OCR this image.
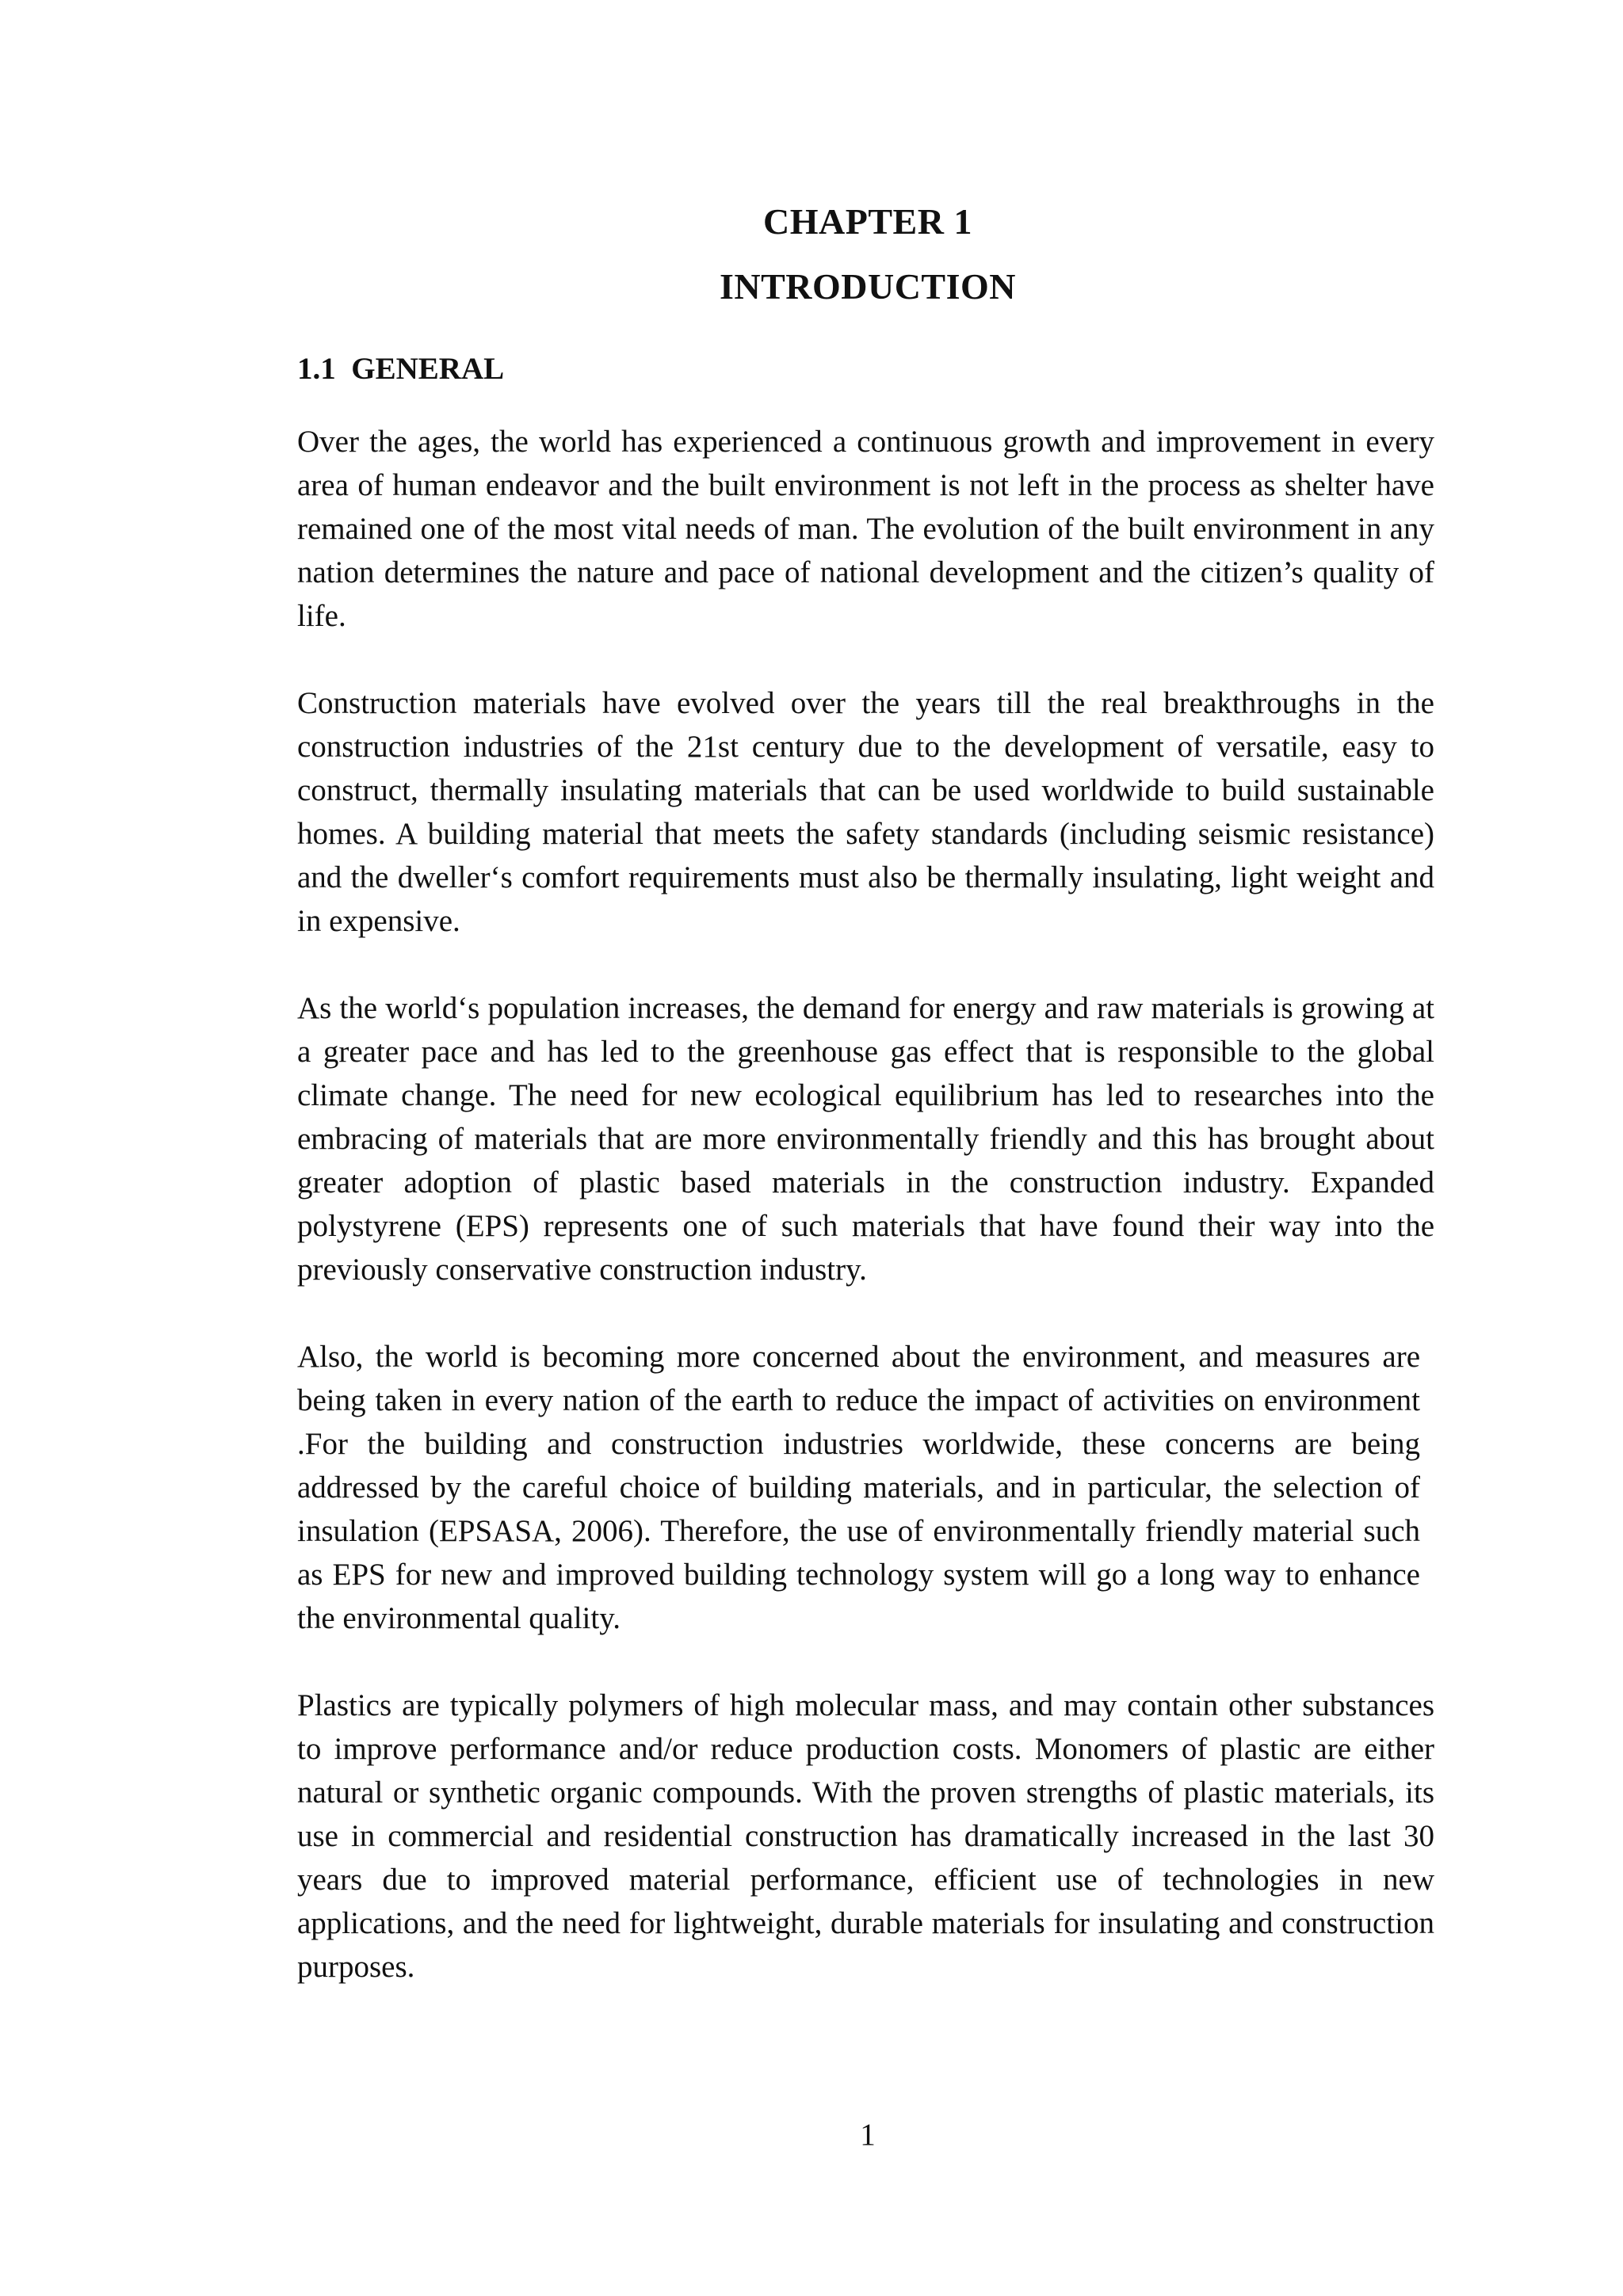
CHAPTER 1
INTRODUCTION
1.1  GENERAL

Over the ages, the world has experienced a continuous growth and improvement in every area of human endeavor and the built environment is not left in the process as shelter have remained one of the most vital needs of man. The evolution of the built environment in any nation determines the nature and pace of national development and the citizen’s quality of life.

Construction materials have evolved over the years till the real breakthroughs in the construction industries of the 21st century due to the development of versatile, easy to construct, thermally insulating materials that can be used worldwide to build sustainable homes. A building material that meets the safety standards (including seismic resistance) and the dweller‘s comfort requirements must also be thermally insulating, light weight and in expensive.

As the world‘s population increases, the demand for energy and raw materials is growing at a greater pace and has led to the greenhouse gas effect that is responsible to the global climate change. The need for new ecological equilibrium has led to researches into the embracing of materials that are more environmentally friendly and this has brought about greater adoption of plastic based materials in the construction industry. Expanded polystyrene (EPS) represents one of such materials that have found their way into the previously conservative construction industry.

Also, the world is becoming more concerned about the environment, and measures are being taken in every nation of the earth to reduce the impact of activities on environment .For the building and construction industries worldwide, these concerns are being addressed by the careful choice of building materials, and in particular, the selection of insulation (EPSASA, 2006). Therefore, the use of environmentally friendly material such as EPS for new and improved building technology system will go a long way to enhance the environmental quality.

Plastics are typically polymers of high molecular mass, and may contain other substances to improve performance and/or reduce production costs. Monomers of plastic are either natural or synthetic organic compounds. With the proven strengths of plastic materials, its use in commercial and residential construction has dramatically increased in the last 30 years due to improved material performance, efficient use of technologies in new applications, and the need for lightweight, durable materials for insulating and construction purposes.

1
